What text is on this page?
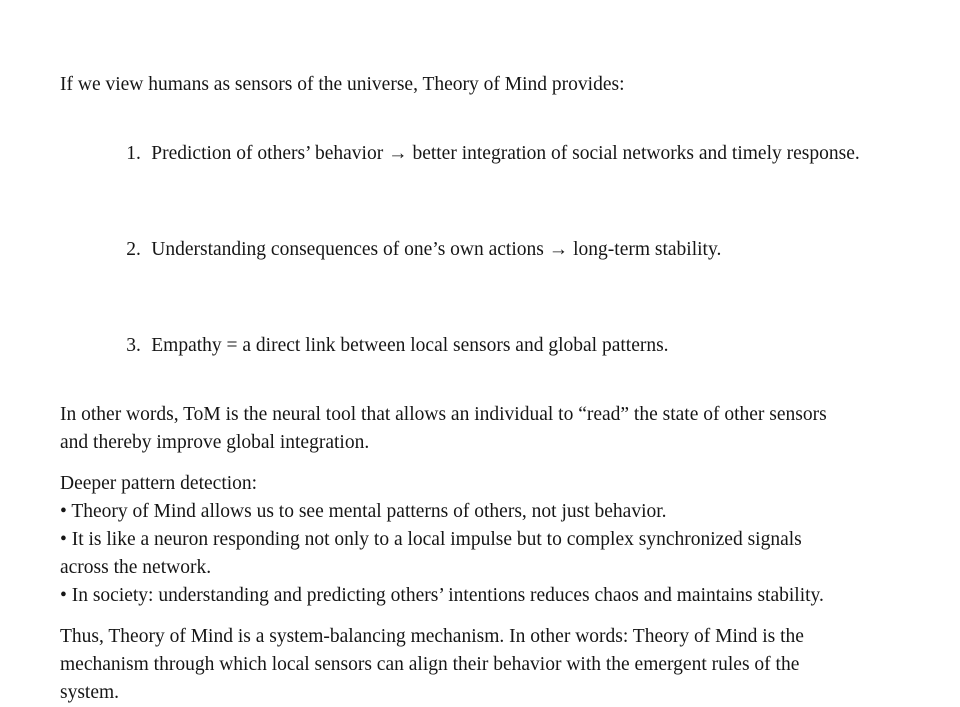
If we view humans as sensors of the universe, Theory of Mind provides:

1. Prediction of others’ behavior → better integration of social networks and timely response.

2. Understanding consequences of one’s own actions → long-term stability.

3. Empathy = a direct link between local sensors and global patterns.

In other words, ToM is the neural tool that allows an individual to “read” the state of other sensors
and thereby improve global integration.

Deeper pattern detection:
• Theory of Mind allows us to see mental patterns of others, not just behavior.
• It is like a neuron responding not only to a local impulse but to complex synchronized signals
across the network.
• In society: understanding and predicting others’ intentions reduces chaos and maintains stability.

Thus, Theory of Mind is a system-balancing mechanism. In other words: Theory of Mind is the
mechanism through which local sensors can align their behavior with the emergent rules of the
system.
